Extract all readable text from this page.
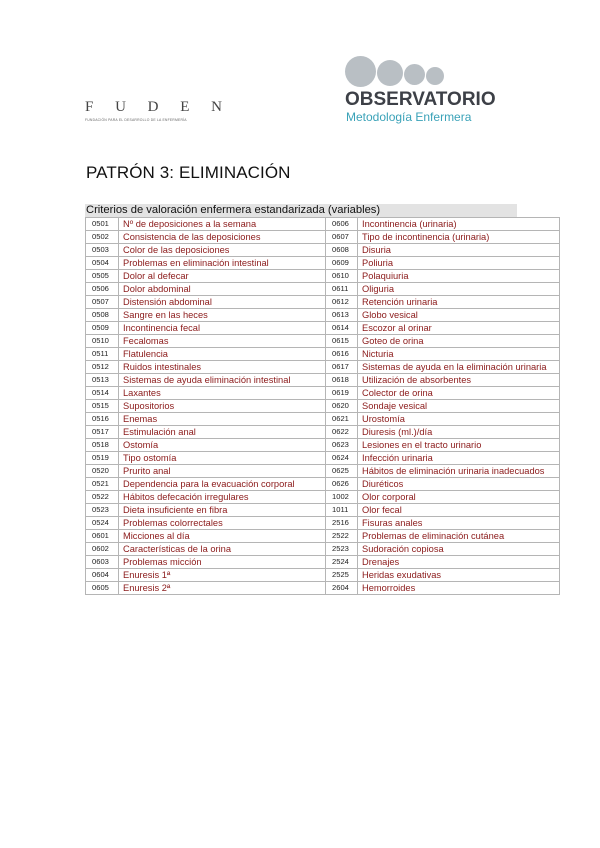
F U D E N
FUNDACIÓN PARA EL DESARROLLO DE LA ENFERMERÍA
OBSERVATORIO
Metodología Enfermera
PATRÓN 3: ELIMINACIÓN
Criterios de valoración enfermera estandarizada (variables)
0501	Nº de deposiciones a la semana	0606	Incontinencia (urinaria)
0502	Consistencia de las deposiciones	0607	Tipo de incontinencia (urinaria)
0503	Color de las deposiciones	0608	Disuria
0504	Problemas en eliminación intestinal	0609	Poliuria
0505	Dolor al defecar	0610	Polaquiuria
0506	Dolor abdominal	0611	Oliguria
0507	Distensión abdominal	0612	Retención urinaria
0508	Sangre en las heces	0613	Globo vesical
0509	Incontinencia fecal	0614	Escozor al orinar
0510	Fecalomas	0615	Goteo de orina
0511	Flatulencia	0616	Nicturia
0512	Ruidos intestinales	0617	Sistemas de ayuda en la eliminación urinaria
0513	Sistemas de ayuda eliminación intestinal	0618	Utilización de absorbentes
0514	Laxantes	0619	Colector de orina
0515	Supositorios	0620	Sondaje vesical
0516	Enemas	0621	Urostomía
0517	Estimulación anal	0622	Diuresis (ml.)/día
0518	Ostomía	0623	Lesiones en el tracto urinario
0519	Tipo ostomía	0624	Infección urinaria
0520	Prurito anal	0625	Hábitos de eliminación urinaria inadecuados
0521	Dependencia para la evacuación corporal	0626	Diuréticos
0522	Hábitos defecación irregulares	1002	Olor corporal
0523	Dieta insuficiente en fibra	1011	Olor fecal
0524	Problemas colorrectales	2516	Fisuras anales
0601	Micciones al día	2522	Problemas de eliminación cutánea
0602	Características de la orina	2523	Sudoración copiosa
0603	Problemas micción	2524	Drenajes
0604	Enuresis 1ª	2525	Heridas exudativas
0605	Enuresis 2ª	2604	Hemorroides
